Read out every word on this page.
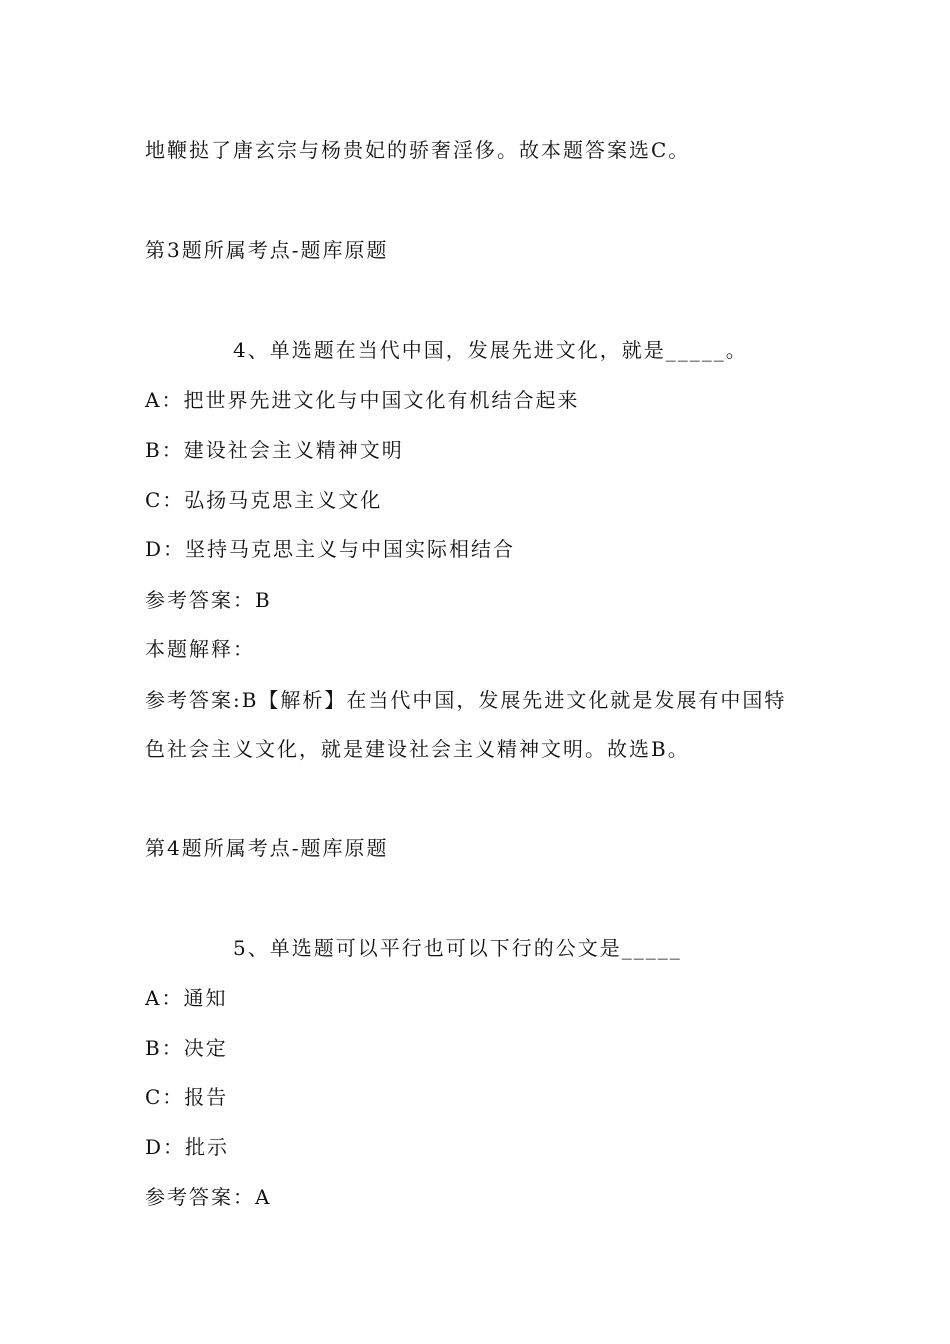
地鞭挞了唐玄宗与杨贵妃的骄奢淫侈。故本题答案选C。
第3题所属考点-题库原题
4、单选题在当代中国，发展先进文化，就是_____。
A：把世界先进文化与中国文化有机结合起来
B：建设社会主义精神文明
C：弘扬马克思主义文化
D：坚持马克思主义与中国实际相结合
参考答案：B
本题解释：
参考答案:B【解析】在当代中国，发展先进文化就是发展有中国特
色社会主义文化，就是建设社会主义精神文明。故选B。
第4题所属考点-题库原题
5、单选题可以平行也可以下行的公文是_____
A：通知
B：决定
C：报告
D：批示
参考答案：A
